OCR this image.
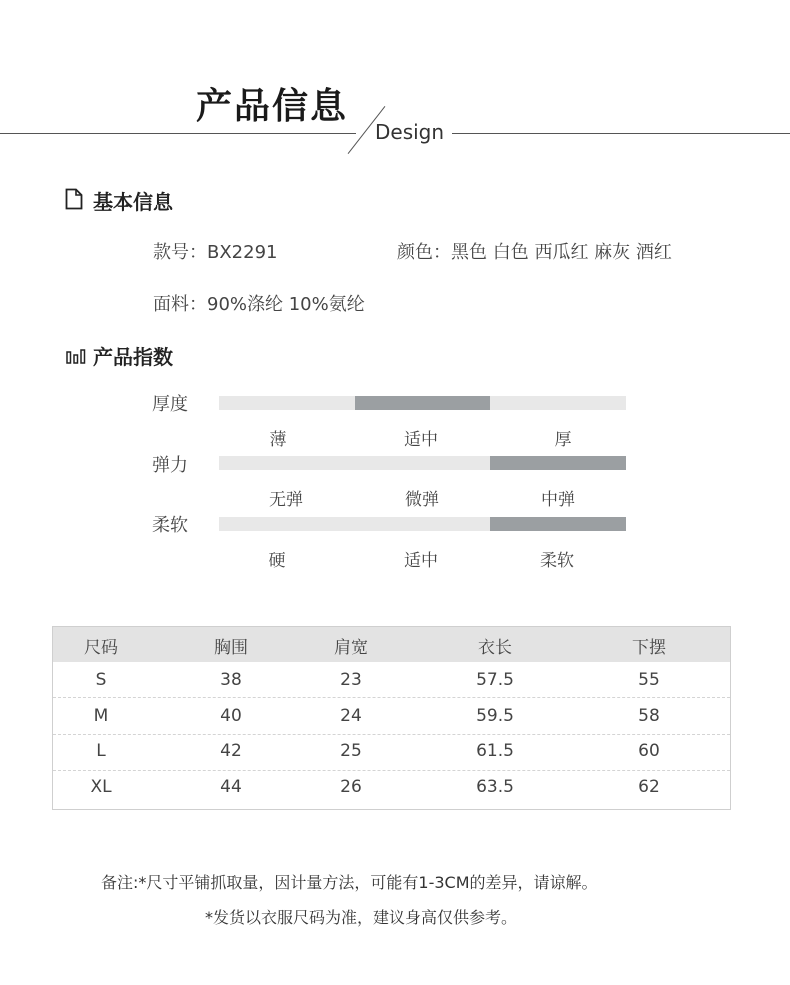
产品信息
Design
基本信息
款号：BX2291	颜色：黑色 白色 西瓜红 麻灰 酒红
面料：90%涤纶 10%氨纶
产品指数
厚度
薄	适中	厚
弹力
无弹	微弹	中弹
柔软
硬	适中	柔软
尺码	胸围	肩宽	衣长	下摆
S	38	23	57.5	55
M	40	24	59.5	58
L	42	25	61.5	60
XL	44	26	63.5	62
备注:*尺寸平铺抓取量，因计量方法，可能有1-3CM的差异，请谅解。
*发货以衣服尺码为准，建议身高仅供参考。
